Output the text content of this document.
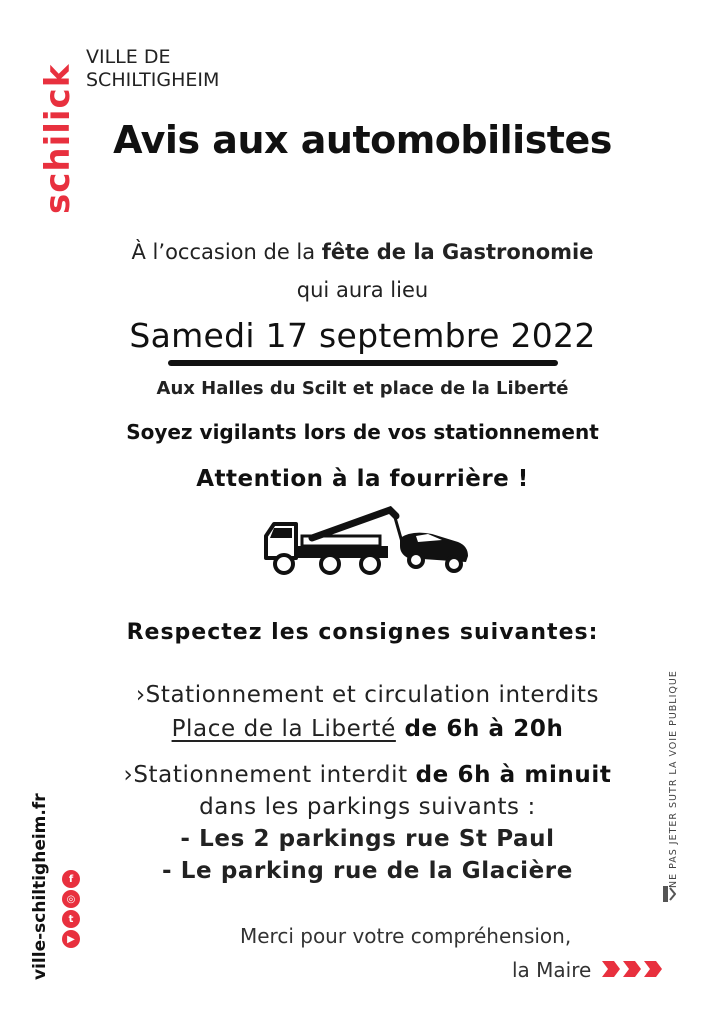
schilick
VILLE DE
SCHILTIGHEIM
Avis aux automobilistes
À l’occasion de la fête de la Gastronomie
qui aura lieu
Samedi 17 septembre 2022
Aux Halles du Scilt et place de la Liberté
Soyez vigilants lors de vos stationnement
Attention à la fourrière !
Respectez les consignes suivantes:
›Stationnement et circulation interdits
Place de la Liberté de 6h à 20h
›Stationnement interdit de 6h à minuit
dans les parkings suivants :
- Les 2 parkings rue St Paul
- Le parking rue de la Glacière
Merci pour votre compréhension,
la Maire
ville-schiltigheim.fr	f
◎
t
▶
NE PAS JETER SUTR LA VOIE PUBLIQUE
